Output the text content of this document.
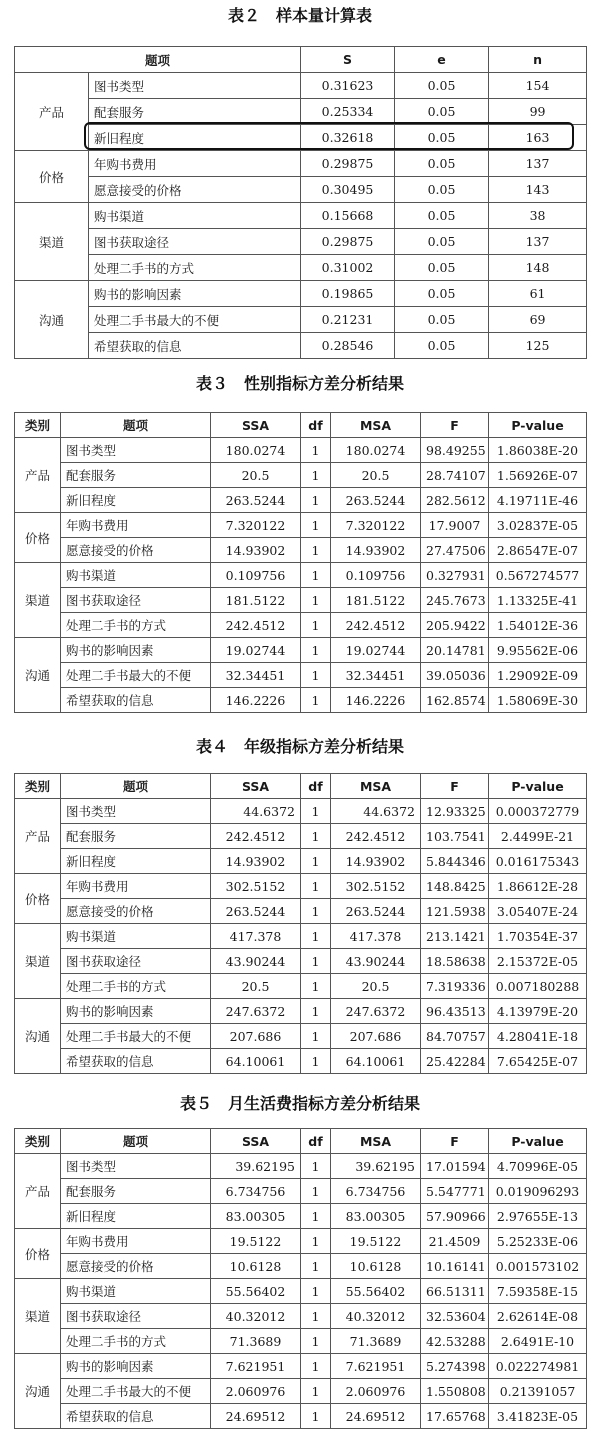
表２　样本量计算表
题项		S	e	n
产品	图书类型	0.31623	0.05	154
	配套服务	0.25334	0.05	99
	新旧程度	0.32618	0.05	163
价格	年购书费用	0.29875	0.05	137
	愿意接受的价格	0.30495	0.05	143
渠道	购书渠道	0.15668	0.05	38
	图书获取途径	0.29875	0.05	137
	处理二手书的方式	0.31002	0.05	148
沟通	购书的影响因素	0.19865	0.05	61
	处理二手书最大的不便	0.21231	0.05	69
	希望获取的信息	0.28546	0.05	125
表３　性别指标方差分析结果
类别	题项	SSA	df	MSA	F	P-value
产品	图书类型	180.0274	1	180.0274	98.49255	1.86038E-20
	配套服务	20.5	1	20.5	28.74107	1.56926E-07
	新旧程度	263.5244	1	263.5244	282.5612	4.19711E-46
价格	年购书费用	7.320122	1	7.320122	17.9007	3.02837E-05
	愿意接受的价格	14.93902	1	14.93902	27.47506	2.86547E-07
渠道	购书渠道	0.109756	1	0.109756	0.327931	0.567274577
	图书获取途径	181.5122	1	181.5122	245.7673	1.13325E-41
	处理二手书的方式	242.4512	1	242.4512	205.9422	1.54012E-36
沟通	购书的影响因素	19.02744	1	19.02744	20.14781	9.95562E-06
	处理二手书最大的不便	32.34451	1	32.34451	39.05036	1.29092E-09
	希望获取的信息	146.2226	1	146.2226	162.8574	1.58069E-30
表４　年级指标方差分析结果
类别	题项	SSA	df	MSA	F	P-value
产品	图书类型	44.6372	1	44.6372	12.93325	0.000372779
	配套服务	242.4512	1	242.4512	103.7541	2.4499E-21
	新旧程度	14.93902	1	14.93902	5.844346	0.016175343
价格	年购书费用	302.5152	1	302.5152	148.8425	1.86612E-28
	愿意接受的价格	263.5244	1	263.5244	121.5938	3.05407E-24
渠道	购书渠道	417.378	1	417.378	213.1421	1.70354E-37
	图书获取途径	43.90244	1	43.90244	18.58638	2.15372E-05
	处理二手书的方式	20.5	1	20.5	7.319336	0.007180288
沟通	购书的影响因素	247.6372	1	247.6372	96.43513	4.13979E-20
	处理二手书最大的不便	207.686	1	207.686	84.70757	4.28041E-18
	希望获取的信息	64.10061	1	64.10061	25.42284	7.65425E-07
表５　月生活费指标方差分析结果
类别	题项	SSA	df	MSA	F	P-value
产品	图书类型	39.62195	1	39.62195	17.01594	4.70996E-05
	配套服务	6.734756	1	6.734756	5.547771	0.019096293
	新旧程度	83.00305	1	83.00305	57.90966	2.97655E-13
价格	年购书费用	19.5122	1	19.5122	21.4509	5.25233E-06
	愿意接受的价格	10.6128	1	10.6128	10.16141	0.001573102
渠道	购书渠道	55.56402	1	55.56402	66.51311	7.59358E-15
	图书获取途径	40.32012	1	40.32012	32.53604	2.62614E-08
	处理二手书的方式	71.3689	1	71.3689	42.53288	2.6491E-10
沟通	购书的影响因素	7.621951	1	7.621951	5.274398	0.022274981
	处理二手书最大的不便	2.060976	1	2.060976	1.550808	0.21391057
	希望获取的信息	24.69512	1	24.69512	17.65768	3.41823E-05
